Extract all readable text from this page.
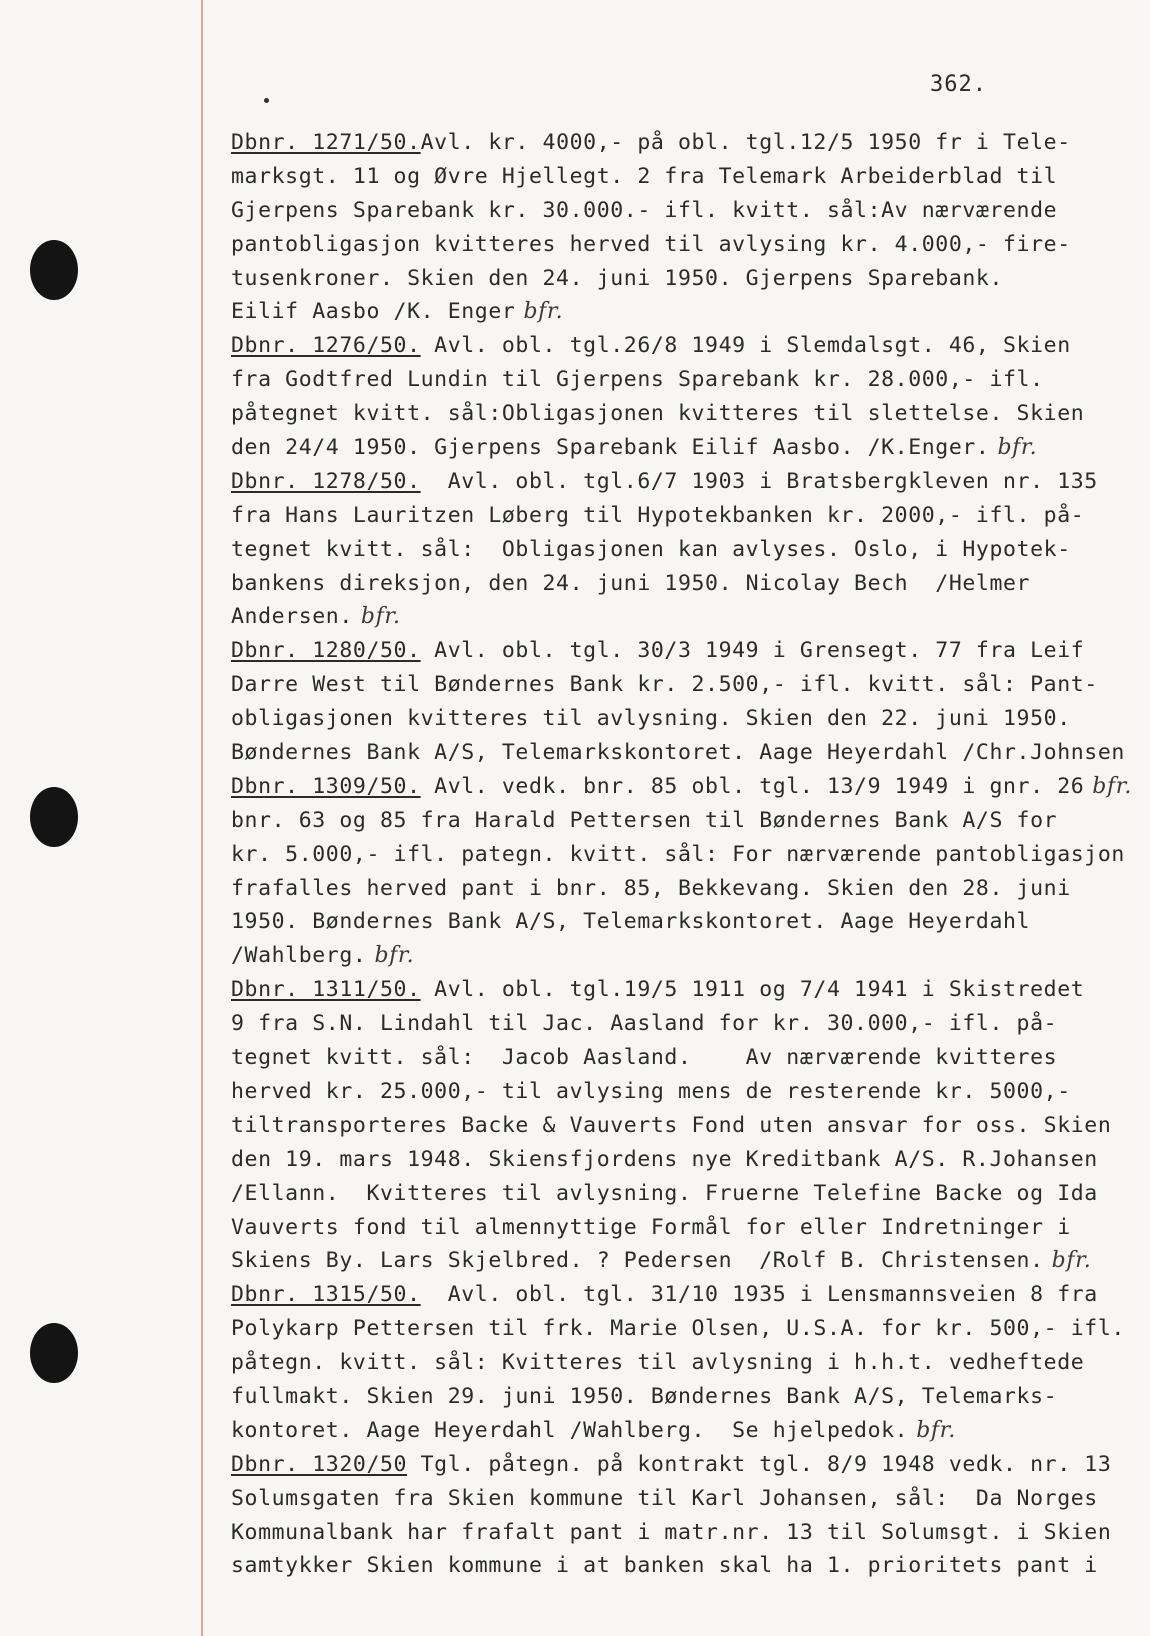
362.
Dbnr. 1271/50.Avl. kr. 4000,- på obl. tgl.12/5 1950 fr i Tele-
marksgt. 11 og Øvre Hjellegt. 2 fra Telemark Arbeiderblad til
Gjerpens Sparebank kr. 30.000.- ifl. kvitt. sål:Av nærværende
pantobligasjon kvitteres herved til avlysing kr. 4.000,- fire-
tusenkroner. Skien den 24. juni 1950. Gjerpens Sparebank.
Eilif Aasbo /K. Enger bfr.
Dbnr. 1276/50. Avl. obl. tgl.26/8 1949 i Slemdalsgt. 46, Skien
fra Godtfred Lundin til Gjerpens Sparebank kr. 28.000,- ifl.
påtegnet kvitt. sål:Obligasjonen kvitteres til slettelse. Skien
den 24/4 1950. Gjerpens Sparebank Eilif Aasbo. /K.Enger. bfr.
Dbnr. 1278/50.  Avl. obl. tgl.6/7 1903 i Bratsbergkleven nr. 135
fra Hans Lauritzen Løberg til Hypotekbanken kr. 2000,- ifl. på-
tegnet kvitt. sål:  Obligasjonen kan avlyses. Oslo, i Hypotek-
bankens direksjon, den 24. juni 1950. Nicolay Bech  /Helmer
Andersen. bfr.
Dbnr. 1280/50. Avl. obl. tgl. 30/3 1949 i Grensegt. 77 fra Leif
Darre West til Bøndernes Bank kr. 2.500,- ifl. kvitt. sål: Pant-
obligasjonen kvitteres til avlysning. Skien den 22. juni 1950.
Bøndernes Bank A/S, Telemarkskontoret. Aage Heyerdahl /Chr.Johnsen
Dbnr. 1309/50. Avl. vedk. bnr. 85 obl. tgl. 13/9 1949 i gnr. 26 bfr.
bnr. 63 og 85 fra Harald Pettersen til Bøndernes Bank A/S for
kr. 5.000,- ifl. pategn. kvitt. sål: For nærværende pantobligasjon
frafalles herved pant i bnr. 85, Bekkevang. Skien den 28. juni
1950. Bøndernes Bank A/S, Telemarkskontoret. Aage Heyerdahl
/Wahlberg. bfr.
Dbnr. 1311/50. Avl. obl. tgl.19/5 1911 og 7/4 1941 i Skistredet
9 fra S.N. Lindahl til Jac. Aasland for kr. 30.000,- ifl. på-
tegnet kvitt. sål:  Jacob Aasland.    Av nærværende kvitteres
herved kr. 25.000,- til avlysing mens de resterende kr. 5000,-
tiltransporteres Backe & Vauverts Fond uten ansvar for oss. Skien
den 19. mars 1948. Skiensfjordens nye Kreditbank A/S. R.Johansen
/Ellann.  Kvitteres til avlysning. Fruerne Telefine Backe og Ida
Vauverts fond til almennyttige Formål for eller Indretninger i
Skiens By. Lars Skjelbred. ? Pedersen  /Rolf B. Christensen. bfr.
Dbnr. 1315/50.  Avl. obl. tgl. 31/10 1935 i Lensmannsveien 8 fra
Polykarp Pettersen til frk. Marie Olsen, U.S.A. for kr. 500,- ifl.
påtegn. kvitt. sål: Kvitteres til avlysning i h.h.t. vedheftede
fullmakt. Skien 29. juni 1950. Bøndernes Bank A/S, Telemarks-
kontoret. Aage Heyerdahl /Wahlberg.  Se hjelpedok. bfr.
Dbnr. 1320/50 Tgl. påtegn. på kontrakt tgl. 8/9 1948 vedk. nr. 13
Solumsgaten fra Skien kommune til Karl Johansen, sål:  Da Norges
Kommunalbank har frafalt pant i matr.nr. 13 til Solumsgt. i Skien
samtykker Skien kommune i at banken skal ha 1. prioritets pant i
